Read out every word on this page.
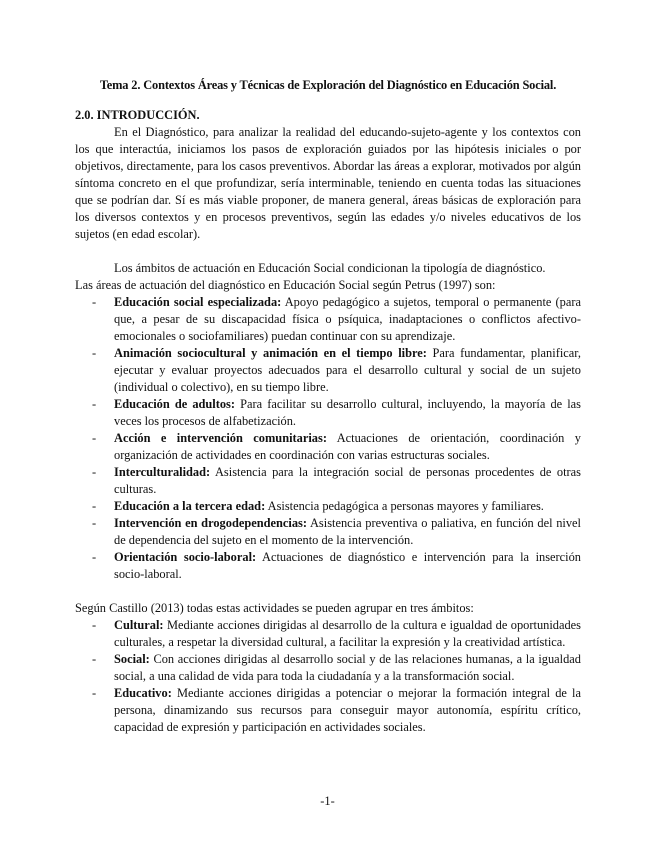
Tema 2. Contextos Áreas y Técnicas de Exploración del Diagnóstico en Educación Social.
2.0. INTRODUCCIÓN.

En el Diagnóstico, para analizar la realidad del educando-sujeto-agente y los contextos con los que interactúa, iniciamos los pasos de exploración guiados por las hipótesis iniciales o por objetivos, directamente, para los casos preventivos. Abordar las áreas a explorar, motivados por algún síntoma concreto en el que profundizar, sería interminable, teniendo en cuenta todas las situaciones que se podrían dar. Sí es más viable proponer, de manera general, áreas básicas de exploración para los diversos contextos y en procesos preventivos, según las edades y/o niveles educativos de los sujetos (en edad escolar).

Los ámbitos de actuación en Educación Social condicionan la tipología de diagnóstico.

Las áreas de actuación del diagnóstico en Educación Social según Petrus (1997) son:

- Educación social especializada: Apoyo pedagógico a sujetos, temporal o permanente (para que, a pesar de su discapacidad física o psíquica, inadaptaciones o conflictos afectivo-emocionales o sociofamiliares) puedan continuar con su aprendizaje.
- Animación sociocultural y animación en el tiempo libre: Para fundamentar, planificar, ejecutar y evaluar proyectos adecuados para el desarrollo cultural y social de un sujeto (individual o colectivo), en su tiempo libre.
- Educación de adultos: Para facilitar su desarrollo cultural, incluyendo, la mayoría de las veces los procesos de alfabetización.
- Acción e intervención comunitarias: Actuaciones de orientación, coordinación y organización de actividades en coordinación con varias estructuras sociales.
- Interculturalidad: Asistencia para la integración social de personas procedentes de otras culturas.
- Educación a la tercera edad: Asistencia pedagógica a personas mayores y familiares.
- Intervención en drogodependencias: Asistencia preventiva o paliativa, en función del nivel de dependencia del sujeto en el momento de la intervención.
- Orientación socio-laboral: Actuaciones de diagnóstico e intervención para la inserción socio-laboral.

Según Castillo (2013) todas estas actividades se pueden agrupar en tres ámbitos:

- Cultural: Mediante acciones dirigidas al desarrollo de la cultura e igualdad de oportunidades culturales, a respetar la diversidad cultural, a facilitar la expresión y la creatividad artística.
- Social: Con acciones dirigidas al desarrollo social y de las relaciones humanas, a la igualdad social, a una calidad de vida para toda la ciudadanía y a la transformación social.
- Educativo: Mediante acciones dirigidas a potenciar o mejorar la formación integral de la persona, dinamizando sus recursos para conseguir mayor autonomía, espíritu crítico, capacidad de expresión y participación en actividades sociales.
-1-
